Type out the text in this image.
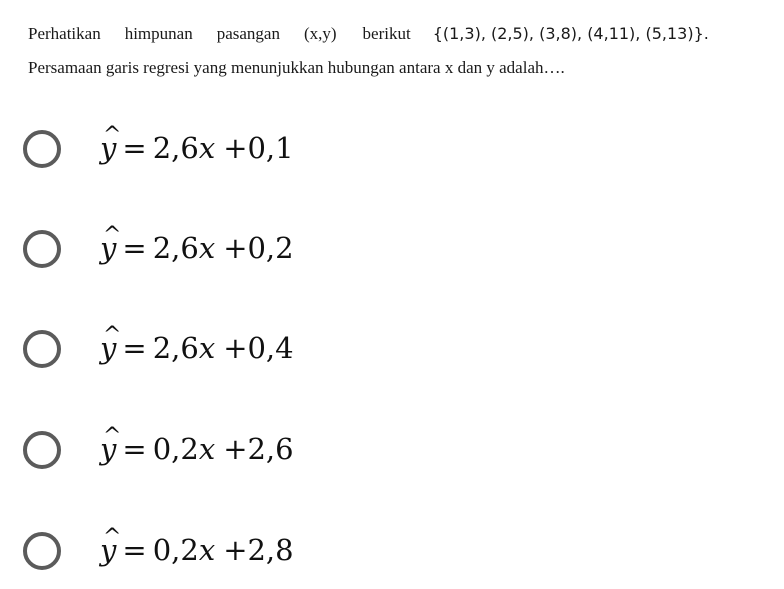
Perhatikan himpunan pasangan (x,y) berikut {(1,3), (2,5), (3,8), (4,11), (5,13)}.
Persamaan garis regresi yang menunjukkan hubungan antara x dan y adalah….
^ y = 2,6x +0,1
^ y = 2,6x +0,2
^ y = 2,6x +0,4
^ y = 0,2x +2,6
^ y = 0,2x +2,8
